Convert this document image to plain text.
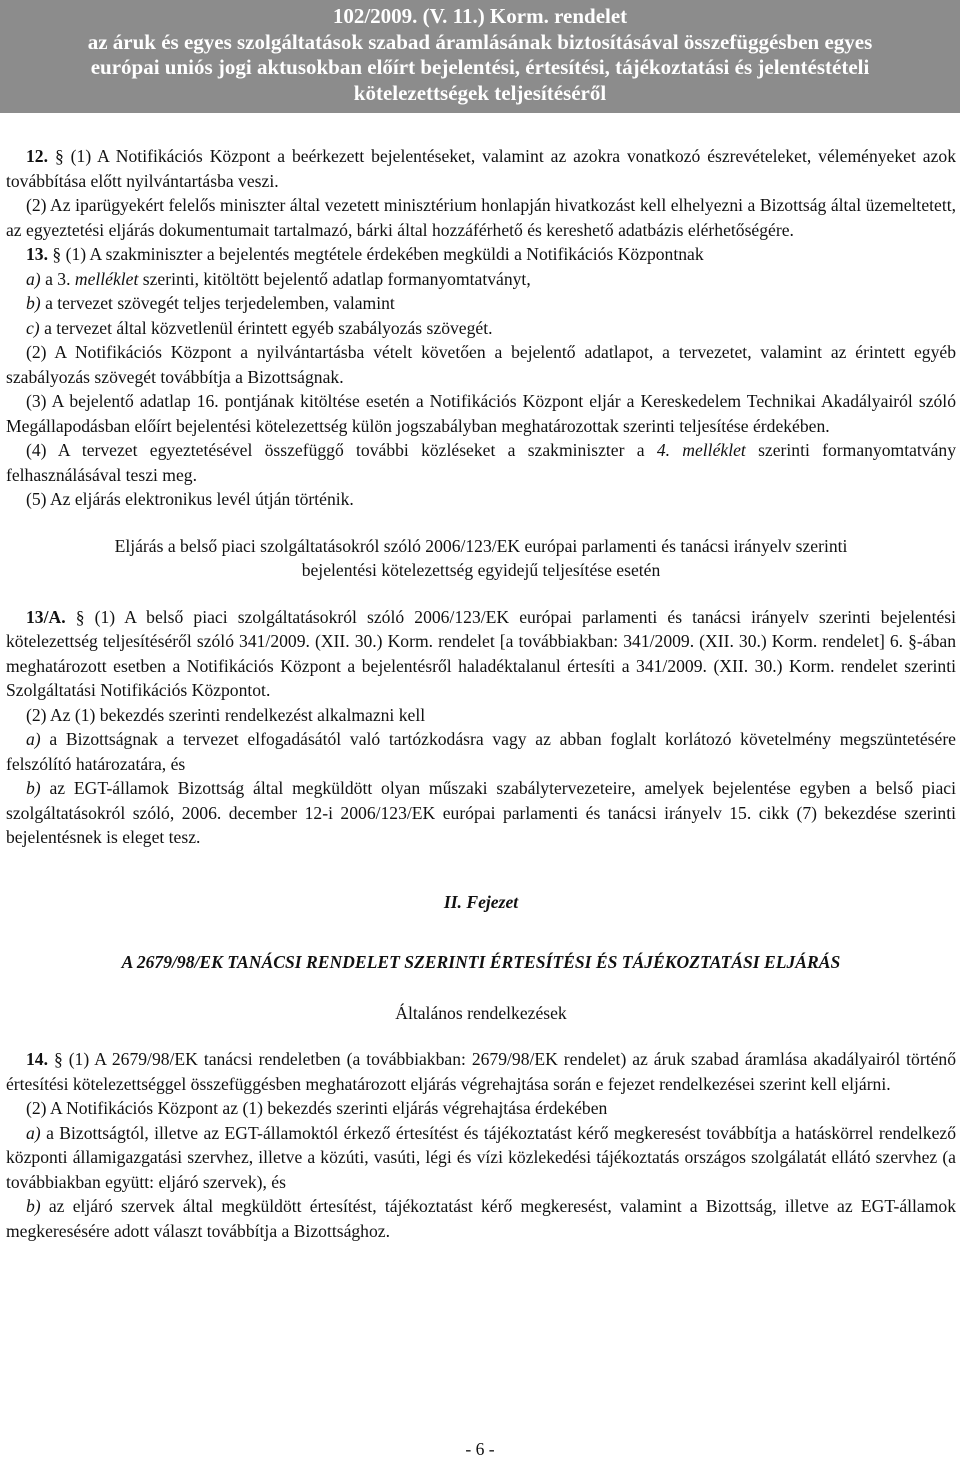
102/2009. (V. 11.) Korm. rendelet
az áruk és egyes szolgáltatások szabad áramlásának biztosításával összefüggésben egyes
európai uniós jogi aktusokban előírt bejelentési, értesítési, tájékoztatási és jelentéstételi
kötelezettségek teljesítéséről

12. § (1) A Notifikációs Központ a beérkezett bejelentéseket, valamint az azokra vonatkozó észrevételeket, véleményeket azok továbbítása előtt nyilvántartásba veszi.

(2) Az iparügyekért felelős miniszter által vezetett minisztérium honlapján hivatkozást kell elhelyezni a Bizottság által üzemeltetett, az egyeztetési eljárás dokumentumait tartalmazó, bárki által hozzáférhető és kereshető adatbázis elérhetőségére.

13. § (1) A szakminiszter a bejelentés megtétele érdekében megküldi a Notifikációs Központnak

a) a 3. melléklet szerinti, kitöltött bejelentő adatlap formanyomtatványt,

b) a tervezet szövegét teljes terjedelemben, valamint

c) a tervezet által közvetlenül érintett egyéb szabályozás szövegét.

(2) A Notifikációs Központ a nyilvántartásba vételt követően a bejelentő adatlapot, a tervezetet, valamint az érintett egyéb szabályozás szövegét továbbítja a Bizottságnak.

(3) A bejelentő adatlap 16. pontjának kitöltése esetén a Notifikációs Központ eljár a Kereskedelem Technikai Akadályairól szóló Megállapodásban előírt bejelentési kötelezettség külön jogszabályban meghatározottak szerinti teljesítése érdekében.

(4) A tervezet egyeztetésével összefüggő további közléseket a szakminiszter a 4. melléklet szerinti formanyomtatvány felhasználásával teszi meg.

(5) Az eljárás elektronikus levél útján történik.

Eljárás a belső piaci szolgáltatásokról szóló 2006/123/EK európai parlamenti és tanácsi irányelv szerinti

bejelentési kötelezettség egyidejű teljesítése esetén

13/A. § (1) A belső piaci szolgáltatásokról szóló 2006/123/EK európai parlamenti és tanácsi irányelv szerinti bejelentési kötelezettség teljesítéséről szóló 341/2009. (XII. 30.) Korm. rendelet [a továbbiakban: 341/2009. (XII. 30.) Korm. rendelet] 6. §-ában meghatározott esetben a Notifikációs Központ a bejelentésről haladéktalanul értesíti a 341/2009. (XII. 30.) Korm. rendelet szerinti Szolgáltatási Notifikációs Központot.

(2) Az (1) bekezdés szerinti rendelkezést alkalmazni kell

a) a Bizottságnak a tervezet elfogadásától való tartózkodásra vagy az abban foglalt korlátozó követelmény megszüntetésére felszólító határozatára, és

b) az EGT-államok Bizottság által megküldött olyan műszaki szabálytervezeteire, amelyek bejelentése egyben a belső piaci szolgáltatásokról szóló, 2006. december 12-i 2006/123/EK európai parlamenti és tanácsi irányelv 15. cikk (7) bekezdése szerinti bejelentésnek is eleget tesz.

II. Fejezet

A 2679/98/EK TANÁCSI RENDELET SZERINTI ÉRTESÍTÉSI ÉS TÁJÉKOZTATÁSI ELJÁRÁS

Általános rendelkezések

14. § (1) A 2679/98/EK tanácsi rendeletben (a továbbiakban: 2679/98/EK rendelet) az áruk szabad áramlása akadályairól történő értesítési kötelezettséggel összefüggésben meghatározott eljárás végrehajtása során e fejezet rendelkezései szerint kell eljárni.

(2) A Notifikációs Központ az (1) bekezdés szerinti eljárás végrehajtása érdekében

a) a Bizottságtól, illetve az EGT-államoktól érkező értesítést és tájékoztatást kérő megkeresést továbbítja a hatáskörrel rendelkező központi államigazgatási szervhez, illetve a közúti, vasúti, légi és vízi közlekedési tájékoztatás országos szolgálatát ellátó szervhez (a továbbiakban együtt: eljáró szervek), és

b) az eljáró szervek által megküldött értesítést, tájékoztatást kérő megkeresést, valamint a Bizottság, illetve az EGT-államok megkeresésére adott választ továbbítja a Bizottsághoz.

- 6 -
